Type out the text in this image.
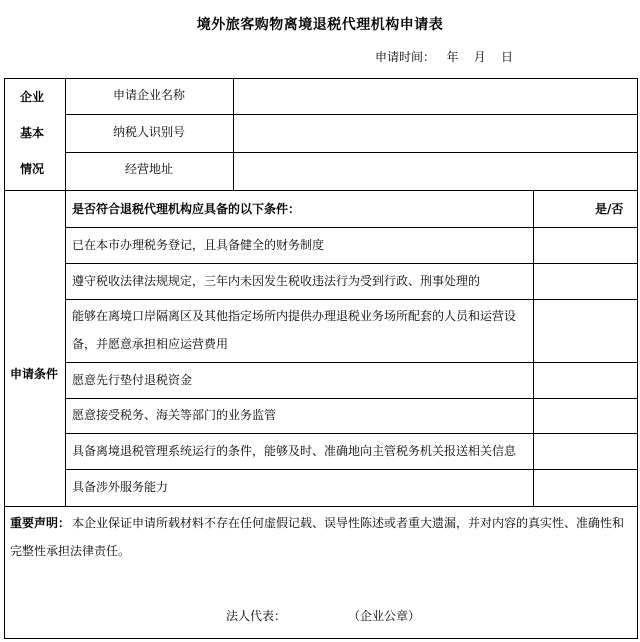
境外旅客购物离境退税代理机构申请表
申请时间：   年    月    日
企业
基本
情况
申请企业名称
纳税人识别号
经营地址
申请条件
是否符合退税代理机构应具备的以下条件：	是/否
已在本市办理税务登记，且具备健全的财务制度
遵守税收法律法规规定，三年内未因发生税收违法行为受到行政、刑事处理的
能够在离境口岸隔离区及其他指定场所内提供办理退税业务场所配套的人员和运营设
备，并愿意承担相应运营费用
愿意先行垫付退税资金
愿意接受税务、海关等部门的业务监管
具备离境退税管理系统运行的条件，能够及时、准确地向主管税务机关报送相关信息
具备涉外服务能力
重要声明： 本企业保证申请所载材料不存在任何虚假记载、误导性陈述或者重大遗漏，并对内容的真实性、准确性和
完整性承担法律责任。
法人代表：	（企业公章）
